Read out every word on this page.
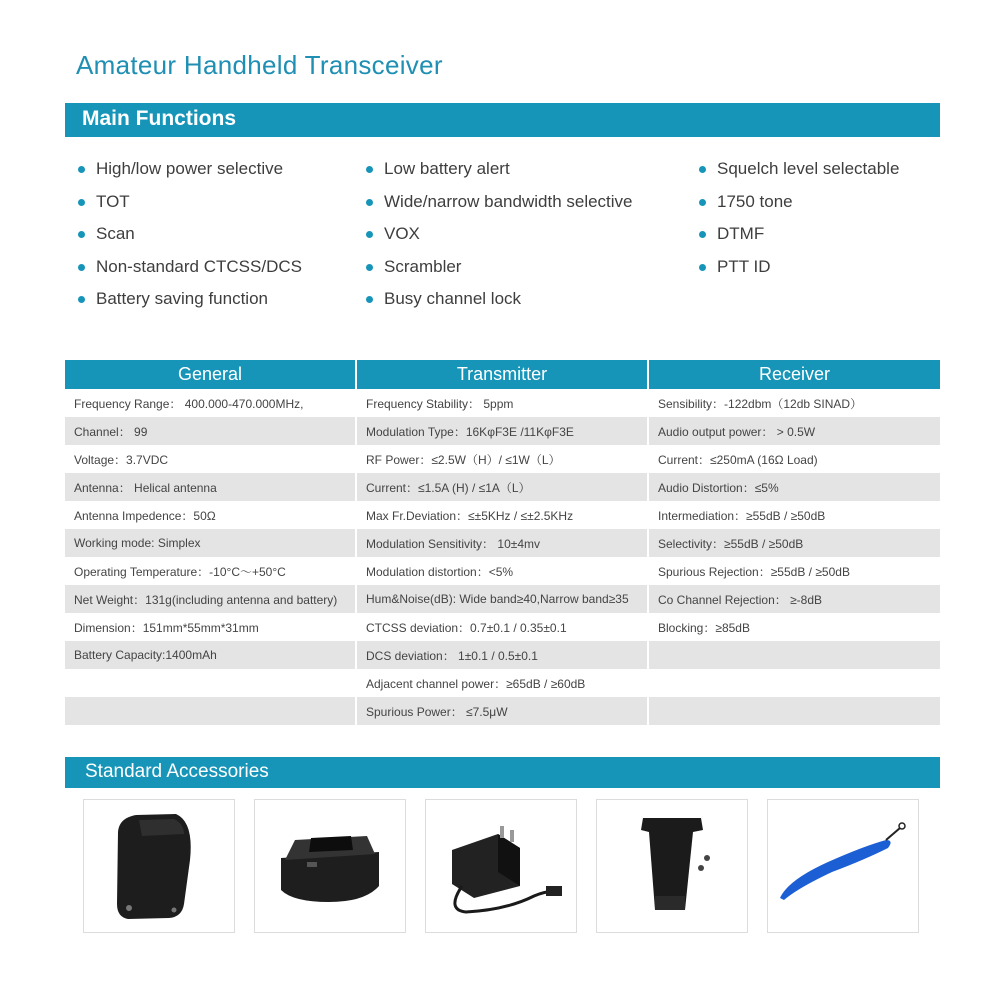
Amateur Handheld Transceiver
Main Functions
High/low power selective
TOT
Scan
Non-standard CTCSS/DCS
Battery saving function
Low battery alert
Wide/narrow bandwidth selective
VOX
Scrambler
Busy channel lock
Squelch level selectable
1750 tone
DTMF
PTT ID
General	Transmitter	Receiver
Frequency Range： 400.000-470.000MHz,	Frequency Stability： 5ppm	Sensibility：-122dbm（12db SINAD）
Channel： 99	Modulation Type：16KφF3E /11KφF3E	Audio output power： > 0.5W
Voltage：3.7VDC	RF Power：≤2.5W（H）/ ≤1W（L）	Current：≤250mA (16Ω Load)
Antenna： Helical antenna	Current：≤1.5A (H) / ≤1A（L）	Audio Distortion：≤5%
Antenna Impedence：50Ω	Max Fr.Deviation：≤±5KHz / ≤±2.5KHz	Intermediation：≥55dB / ≥50dB
Working mode: Simplex	Modulation Sensitivity： 10±4mv	Selectivity：≥55dB / ≥50dB
Operating Temperature：-10°C～+50°C	Modulation distortion：<5%	Spurious Rejection：≥55dB / ≥50dB
Net Weight：131g(including antenna and battery)	Hum&Noise(dB): Wide band≥40,Narrow band≥35	Co Channel Rejection： ≥-8dB
Dimension：151mm*55mm*31mm	CTCSS deviation：0.7±0.1 / 0.35±0.1	Blocking：≥85dB
Battery Capacity:1400mAh	DCS deviation： 1±0.1 / 0.5±0.1	
	Adjacent channel power：≥65dB / ≥60dB	
	Spurious Power： ≤7.5μW	
Standard Accessories
